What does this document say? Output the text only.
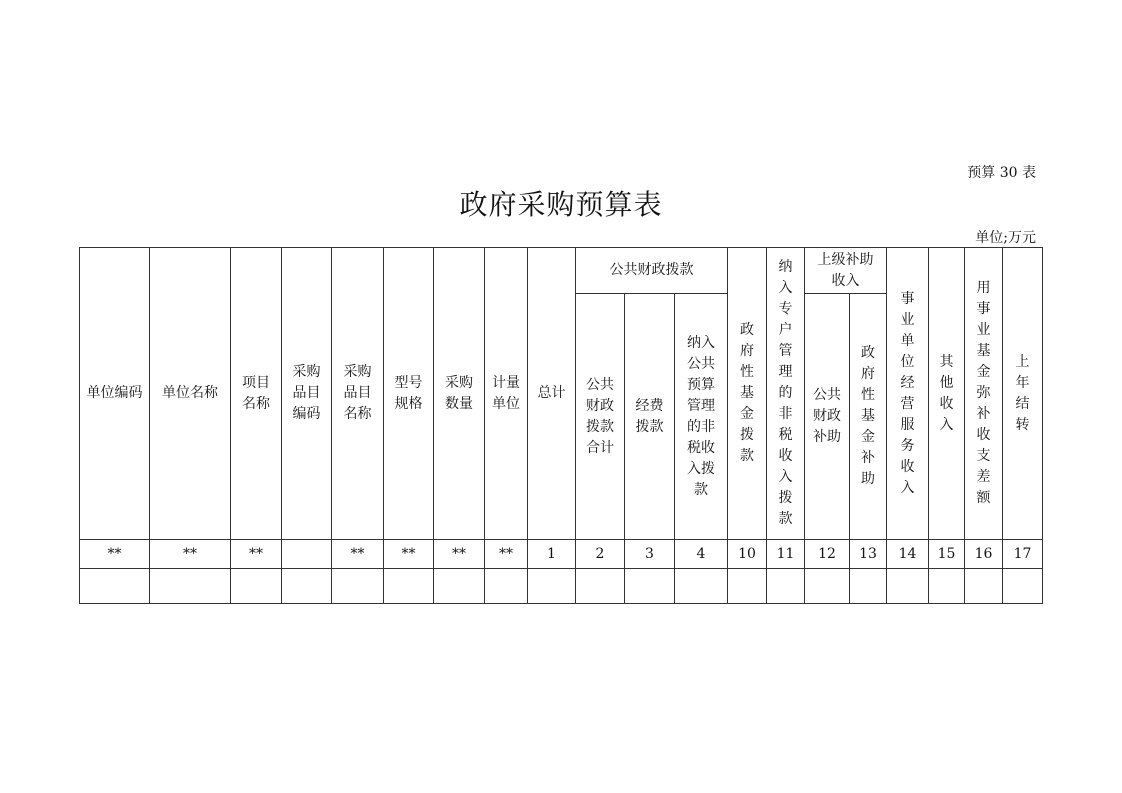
预算 30 表
政府采购预算表
单位;万元
单位编码	单位名称	项目名称	采购品目编码	采购品目名称	型号规格	采购数量	计量单位	总计	公共财政拨款			政府性基金拨款	纳入专户管理的非税收入拨款	上级补助收入		事业单位经营服务收入	其他收入	用事业基金弥补收支差额	上年结转
									公共财政拨款合计	经费拨款	纳入公共预算管理的非税收入拨款			公共财政补助	政府性基金补助				
**	**	**		**	**	**	**	1	2	3	4	10	11	12	13	14	15	16	17
